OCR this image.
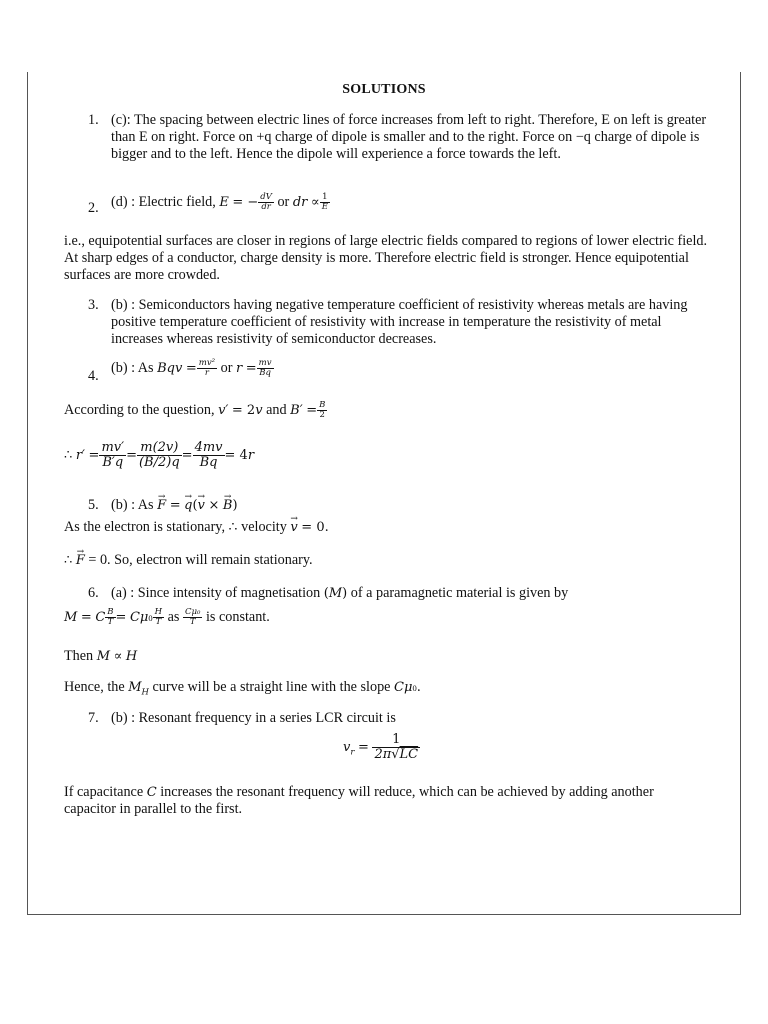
SOLUTIONS
1. (c): The spacing between electric lines of force increases from left to right. Therefore, E on left is greater than E on right. Force on +q charge of dipole is smaller and to the right. Force on −q charge of dipole is bigger and to the left. Hence the dipole will experience a force towards the left.
2. (d) : Electric field, E = − $\frac{dV}{dr}$ or dr ∝ $\frac{1}{E}$
i.e., equipotential surfaces are closer in regions of large electric fields compared to regions of lower electric field. At sharp edges of a conductor, charge density is more. Therefore electric field is stronger. Hence equipotential surfaces are more crowded.
3. (b) : Semiconductors having negative temperature coefficient of resistivity whereas metals are having positive temperature coefficient of resistivity with increase in temperature the resistivity of metal increases whereas resistivity of semiconductor decreases.
4. (b) : As Bqv = $\frac{\text{mv²}}{r}$ or $r = \frac{mv}{Bq}$
According to the question, v′ = 2v and $B' = \frac{B}{2}$
∴ $r' = \frac{mv'}{B'q} = \frac{m(2v)}{(B/2)q} = \frac{4mv}{Bq} = 4r$
5. (b) : As → F = → q(→ v × → B)
As the electron is stationary, ∴ velocity → v = 0.
∴ → F = 0. So, electron will remain stationary.
6. (a) : Since intensity of magnetisation (M) of a paramagnetic material is given by
M = C $\frac{B}{T} = C\mu 0 \frac{H}{T}$ as $\frac{\text{Cμ₀}}{T}$ is constant.
Then M ∝ H
Hence, the $M_H$ curve will be a straight line with the slope Cμ0.
7. (b) : Resonant frequency in a series LCR circuit is
$v_r = \frac{1}{2\pi√LC}$
If capacitance C increases the resonant frequency will reduce, which can be achieved by adding another
capacitor in parallel to the first.
